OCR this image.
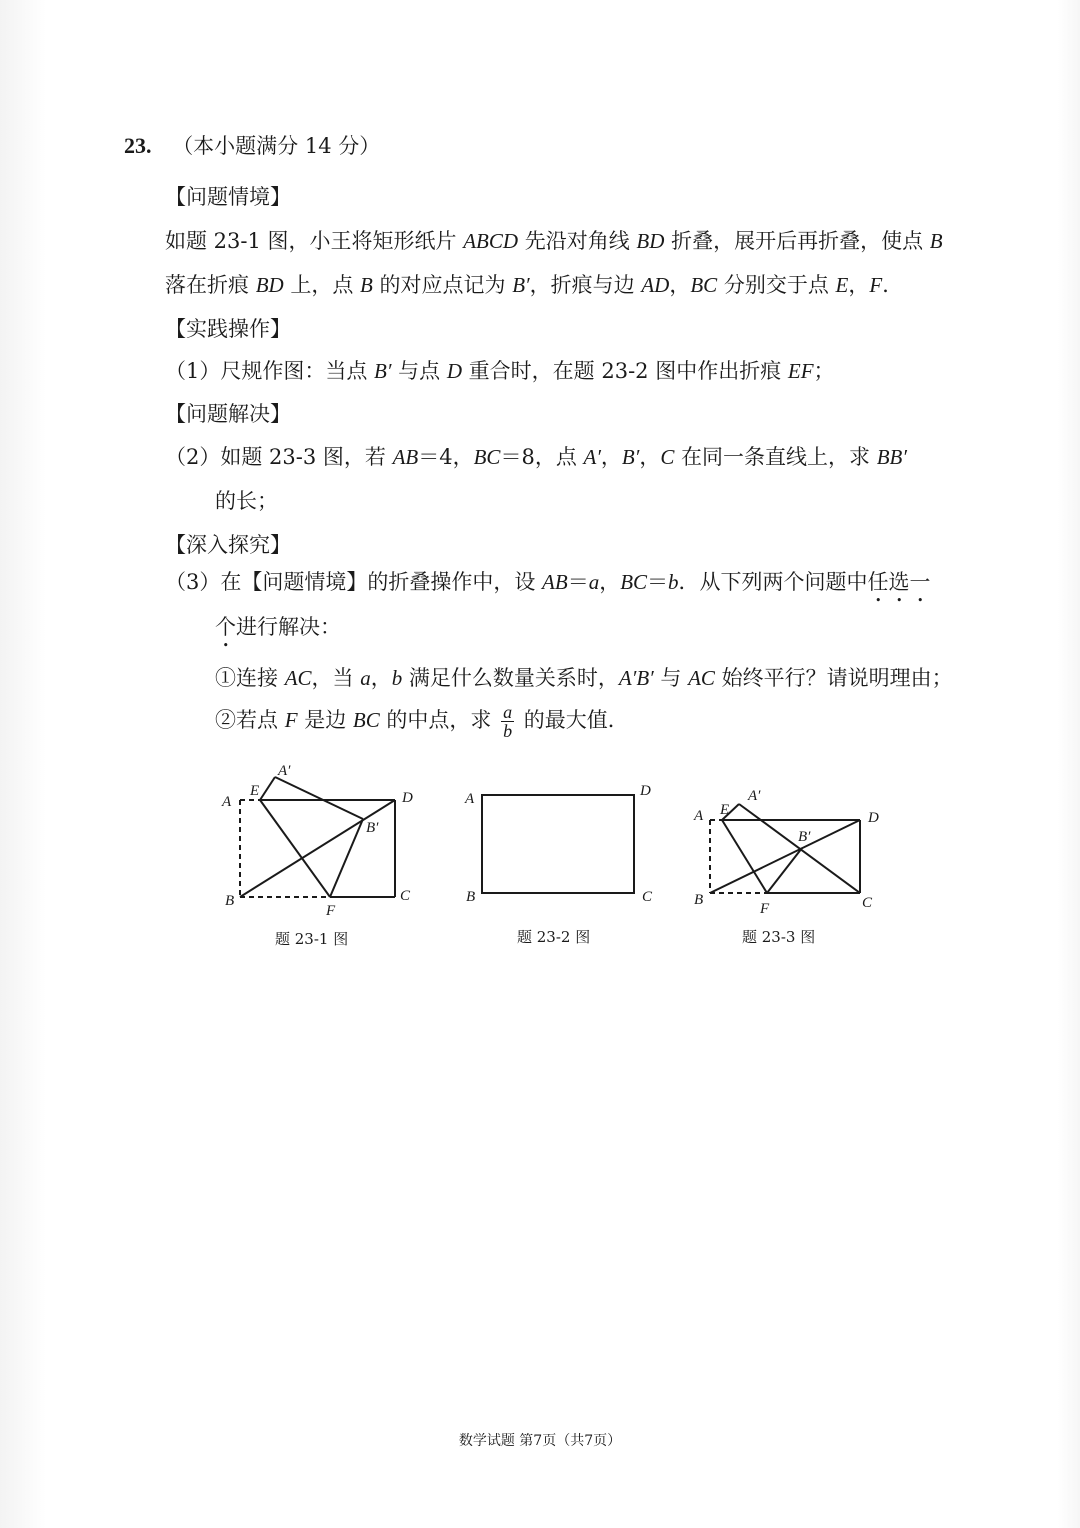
23. （本小题满分 14 分）
【问题情境】
如题 23-1 图，小王将矩形纸片 ABCD 先沿对角线 BD 折叠，展开后再折叠，使点 B
落在折痕 BD 上，点 B 的对应点记为 B′，折痕与边 AD，BC 分别交于点 E，F．
【实践操作】
（1）尺规作图：当点 B′ 与点 D 重合时，在题 23-2 图中作出折痕 EF；
【问题解决】
（2）如题 23-3 图，若 AB＝4，BC＝8，点 A′，B′，C 在同一条直线上，求 BB′
的长；
【深入探究】
（3）在【问题情境】的折叠操作中，设 AB＝a，BC＝b．从下列两个问题中任选一
个进行解决：
①连接 AC，当 a，b 满足什么数量关系时，A′B′ 与 AC 始终平行？请说明理由；
②若点 F 是边 BC 的中点，求 $\frac{a}{b}$ 的最大值．
A
A′
E	D
B′
B
F
C
题 23-1 图
A	D
B	C
题 23-2 图
A E
A′
D
B′
B
F	C
题 23-3 图
数学试题 第7页（共7页）
